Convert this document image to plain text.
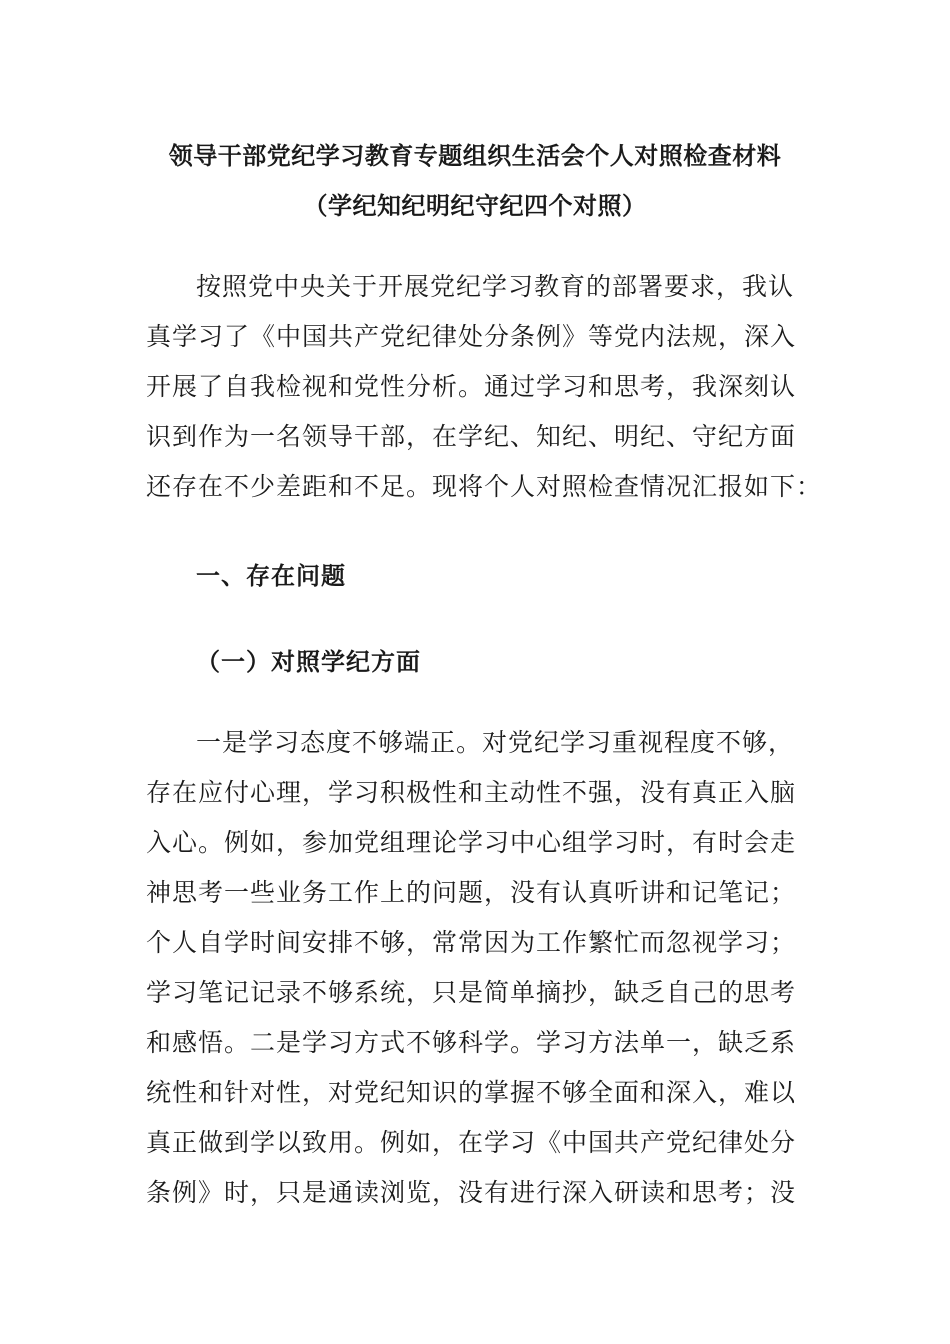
领导干部党纪学习教育专题组织生活会个人对照检查材料
（学纪知纪明纪守纪四个对照）
按照党中央关于开展党纪学习教育的部署要求，我认
真学习了《中国共产党纪律处分条例》等党内法规，深入
开展了自我检视和党性分析。通过学习和思考，我深刻认
识到作为一名领导干部，在学纪、知纪、明纪、守纪方面
还存在不少差距和不足。现将个人对照检查情况汇报如下：
一、存在问题
（一）对照学纪方面
一是学习态度不够端正。对党纪学习重视程度不够，
存在应付心理，学习积极性和主动性不强，没有真正入脑
入心。例如，参加党组理论学习中心组学习时，有时会走
神思考一些业务工作上的问题，没有认真听讲和记笔记；
个人自学时间安排不够，常常因为工作繁忙而忽视学习；
学习笔记记录不够系统，只是简单摘抄，缺乏自己的思考
和感悟。二是学习方式不够科学。学习方法单一，缺乏系
统性和针对性，对党纪知识的掌握不够全面和深入，难以
真正做到学以致用。例如，在学习《中国共产党纪律处分
条例》时，只是通读浏览，没有进行深入研读和思考；没
